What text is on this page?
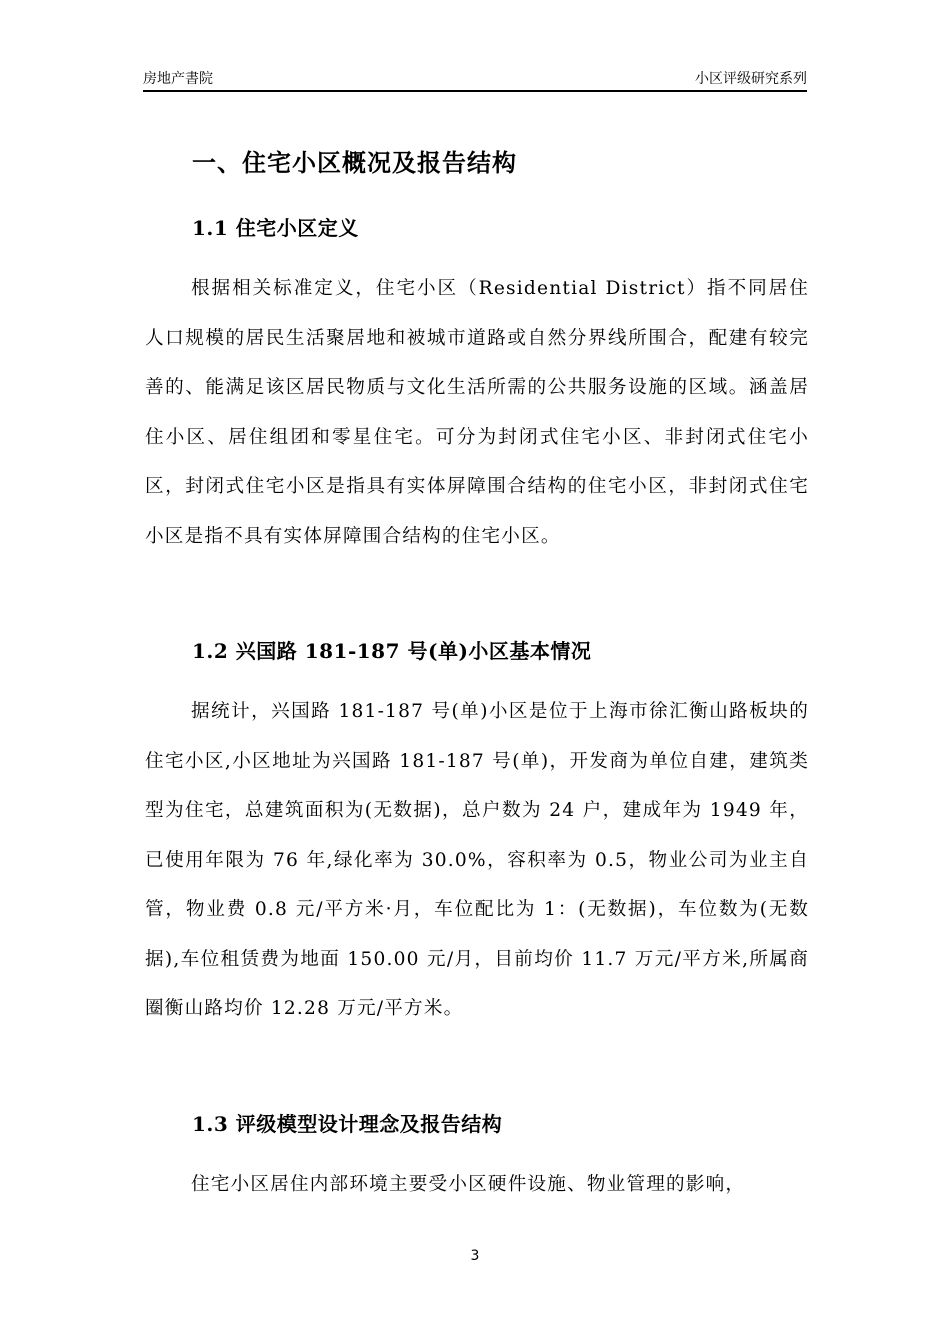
房地产書院	小区评级研究系列
一、住宅小区概况及报告结构
1.1 住宅小区定义
根据相关标准定义，住宅小区（Residential District）指不同居住人口规模的居民生活聚居地和被城市道路或自然分界线所围合，配建有较完善的、能满足该区居民物质与文化生活所需的公共服务设施的区域。涵盖居住小区、居住组团和零星住宅。可分为封闭式住宅小区、非封闭式住宅小区，封闭式住宅小区是指具有实体屏障围合结构的住宅小区，非封闭式住宅小区是指不具有实体屏障围合结构的住宅小区。
1.2 兴国路 181-187 号(单)小区基本情况
据统计，兴国路 181-187 号(单)小区是位于上海市徐汇衡山路板块的住宅小区,小区地址为兴国路 181-187 号(单)，开发商为单位自建，建筑类型为住宅，总建筑面积为(无数据)，总户数为 24 户，建成年为 1949 年，已使用年限为 76 年,绿化率为 30.0%，容积率为 0.5，物业公司为业主自管，物业费 0.8 元/平方米·月，车位配比为 1：(无数据)，车位数为(无数据),车位租赁费为地面 150.00 元/月，目前均价 11.7 万元/平方米,所属商圈衡山路均价 12.28 万元/平方米。
1.3 评级模型设计理念及报告结构
住宅小区居住内部环境主要受小区硬件设施、物业管理的影响，
3
